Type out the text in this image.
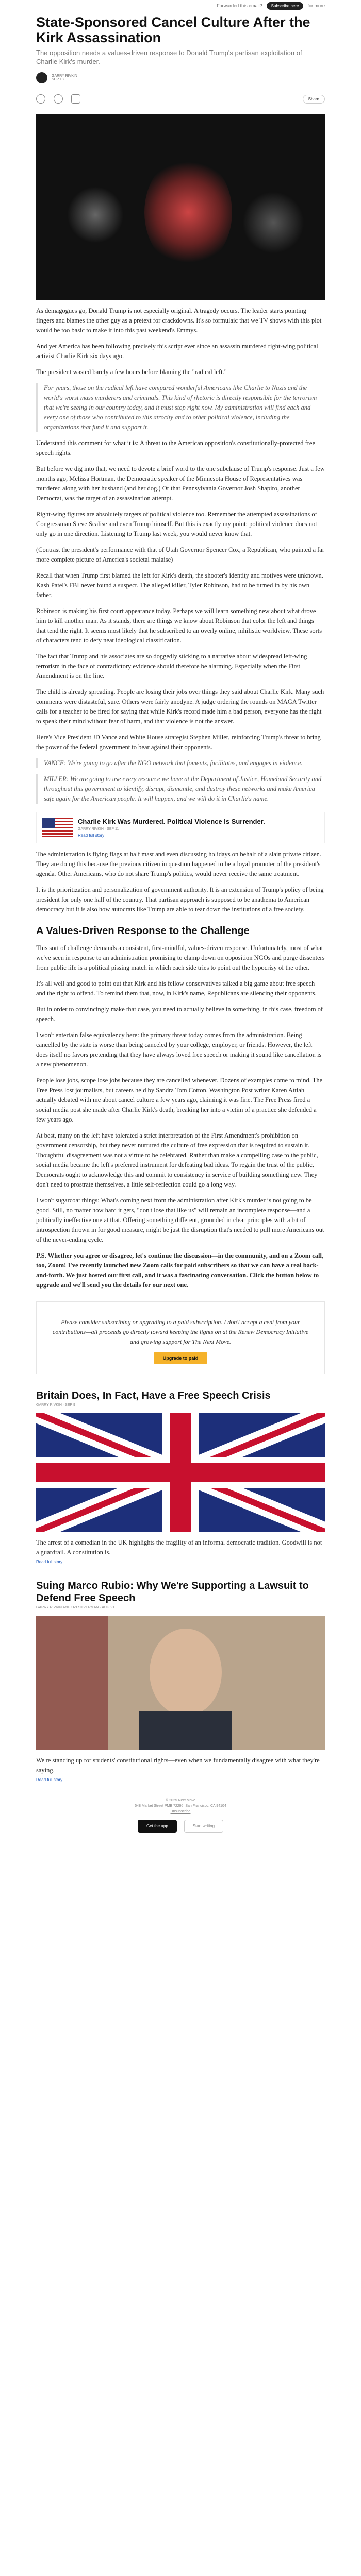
Forwarded this email?	Subscribe here	for more
State-Sponsored Cancel Culture After the Kirk Assassination
The opposition needs a values-driven response to Donald Trump's partisan exploitation of Charlie Kirk's murder.
GARRY RIVKIN
SEP 18
Share

As demagogues go, Donald Trump is not especially original. A tragedy occurs. The leader starts pointing fingers and blames the other guy as a pretext for crackdowns. It's so formulaic that we TV shows with this plot would be too basic to make it into this past weekend's Emmys.

And yet America has been following precisely this script ever since an assassin murdered right-wing political activist Charlie Kirk six days ago.

The president wasted barely a few hours before blaming the "radical left."

For years, those on the radical left have compared wonderful Americans like Charlie to Nazis and the world's worst mass murderers and criminals. This kind of rhetoric is directly responsible for the terrorism that we're seeing in our country today, and it must stop right now. My administration will find each and every one of those who contributed to this atrocity and to other political violence, including the organizations that fund it and support it.

Understand this comment for what it is: A threat to the American opposition's constitutionally-protected free speech rights.

But before we dig into that, we need to devote a brief word to the one subclause of Trump's response. Just a few months ago, Melissa Hortman, the Democratic speaker of the Minnesota House of Representatives was murdered along with her husband (and her dog.) Or that Pennsylvania Governor Josh Shapiro, another Democrat, was the target of an assassination attempt.

Right-wing figures are absolutely targets of political violence too. Remember the attempted assassinations of Congressman Steve Scalise and even Trump himself. But this is exactly my point: political violence does not only go in one direction. Listening to Trump last week, you would never know that.

(Contrast the president's performance with that of Utah Governor Spencer Cox, a Republican, who painted a far more complete picture of America's societal malaise)

Recall that when Trump first blamed the left for Kirk's death, the shooter's identity and motives were unknown. Kash Patel's FBI never found a suspect. The alleged killer, Tyler Robinson, had to be turned in by his own father.

Robinson is making his first court appearance today. Perhaps we will learn something new about what drove him to kill another man. As it stands, there are things we know about Robinson that color the left and things that tend the right. It seems most likely that he subscribed to an overly online, nihilistic worldview. These sorts of characters tend to defy neat ideological classification.

The fact that Trump and his associates are so doggedly sticking to a narrative about widespread left-wing terrorism in the face of contradictory evidence should therefore be alarming. Especially when the First Amendment is on the line.

The child is already spreading. People are losing their jobs over things they said about Charlie Kirk. Many such comments were distasteful, sure. Others were fairly anodyne. A judge ordering the rounds on MAGA Twitter calls for a teacher to be fired for saying that while Kirk's record made him a bad person, everyone has the right to speak their mind without fear of harm, and that violence is not the answer.

Here's Vice President JD Vance and White House strategist Stephen Miller, reinforcing Trump's threat to bring the power of the federal government to bear against their opponents.

VANCE: We're going to go after the NGO network that foments, facilitates, and engages in violence.

MILLER: We are going to use every resource we have at the Department of Justice, Homeland Security and throughout this government to identify, disrupt, dismantle, and destroy these networks and make America safe again for the American people. It will happen, and we will do it in Charlie's name.

Charlie Kirk Was Murdered. Political Violence Is Surrender.
GARRY RIVKIN · SEP 11
Read full story

The administration is flying flags at half mast and even discussing holidays on behalf of a slain private citizen. They are doing this because the previous citizen in question happened to be a loyal promoter of the president's agenda. Other Americans, who do not share Trump's politics, would never receive the same treatment.

It is the prioritization and personalization of government authority. It is an extension of Trump's policy of being president for only one half of the country. That partisan approach is supposed to be anathema to American democracy but it is also how autocrats like Trump are able to tear down the institutions of a free society.

A Values-Driven Response to the Challenge

This sort of challenge demands a consistent, first-mindful, values-driven response. Unfortunately, most of what we've seen in response to an administration promising to clamp down on opposition NGOs and purge dissenters from public life is a political pissing match in which each side tries to point out the hypocrisy of the other.

It's all well and good to point out that Kirk and his fellow conservatives talked a big game about free speech and the right to offend. To remind them that, now, in Kirk's name, Republicans are silencing their opponents.

But in order to convincingly make that case, you need to actually believe in something, in this case, freedom of speech.

I won't entertain false equivalency here: the primary threat today comes from the administration. Being cancelled by the state is worse than being canceled by your college, employer, or friends. However, the left does itself no favors pretending that they have always loved free speech or making it sound like cancellation is a new phenomenon.

People lose jobs, scope lose jobs because they are cancelled whenever. Dozens of examples come to mind. The Free Press lost journalists, but careers held by Sandra Tom Cotton. Washington Post writer Karen Attiah actually debated with me about cancel culture a few years ago, claiming it was fine. The Free Press fired a social media post she made after Charlie Kirk's death, breaking her into a victim of a practice she defended a few years ago.

At best, many on the left have tolerated a strict interpretation of the First Amendment's prohibition on government censorship, but they never nurtured the culture of free expression that is required to sustain it. Thoughtful disagreement was not a virtue to be celebrated. Rather than make a compelling case to the public, social media became the left's preferred instrument for defeating bad ideas. To regain the trust of the public, Democrats ought to acknowledge this and commit to consistency in service of building something new. They don't need to prostrate themselves, a little self-reflection could go a long way.

I won't sugarcoat things: What's coming next from the administration after Kirk's murder is not going to be good. Still, no matter how hard it gets, "don't lose that like us" will remain an incomplete response—and a politically ineffective one at that. Offering something different, grounded in clear principles with a bit of introspection thrown in for good measure, might be just the disruption that's needed to pull more Americans out of the never-ending cycle.

P.S. Whether you agree or disagree, let's continue the discussion—in the community, and on a Zoom call, too, Zoom! I've recently launched new Zoom calls for paid subscribers so that we can have a real back-and-forth. We just hosted our first call, and it was a fascinating conversation. Click the button below to upgrade and we'll send you the details for our next one.

Please consider subscribing or upgrading to a paid subscription. I don't accept a cent from your contributions—all proceeds go directly toward keeping the lights on at the Renew Democracy Initiative and growing support for The Next Move.

Upgrade to paid
Britain Does, In Fact, Have a Free Speech Crisis
GARRY RIVKIN · SEP 9

The arrest of a comedian in the UK highlights the fragility of an informal democratic tradition. Goodwill is not a guardrail. A constitution is.

Read full story
Suing Marco Rubio: Why We're Supporting a Lawsuit to Defend Free Speech
GARRY RIVKIN AND UZI SILVERMAN · AUG 21

We're standing up for students' constitutional rights—even when we fundamentally disagree with what they're saying.

Read full story
© 2025 Next Move
548 Market Street PMB 72296, San Francisco, CA 94104
Unsubscribe
Get the app	Start writing
